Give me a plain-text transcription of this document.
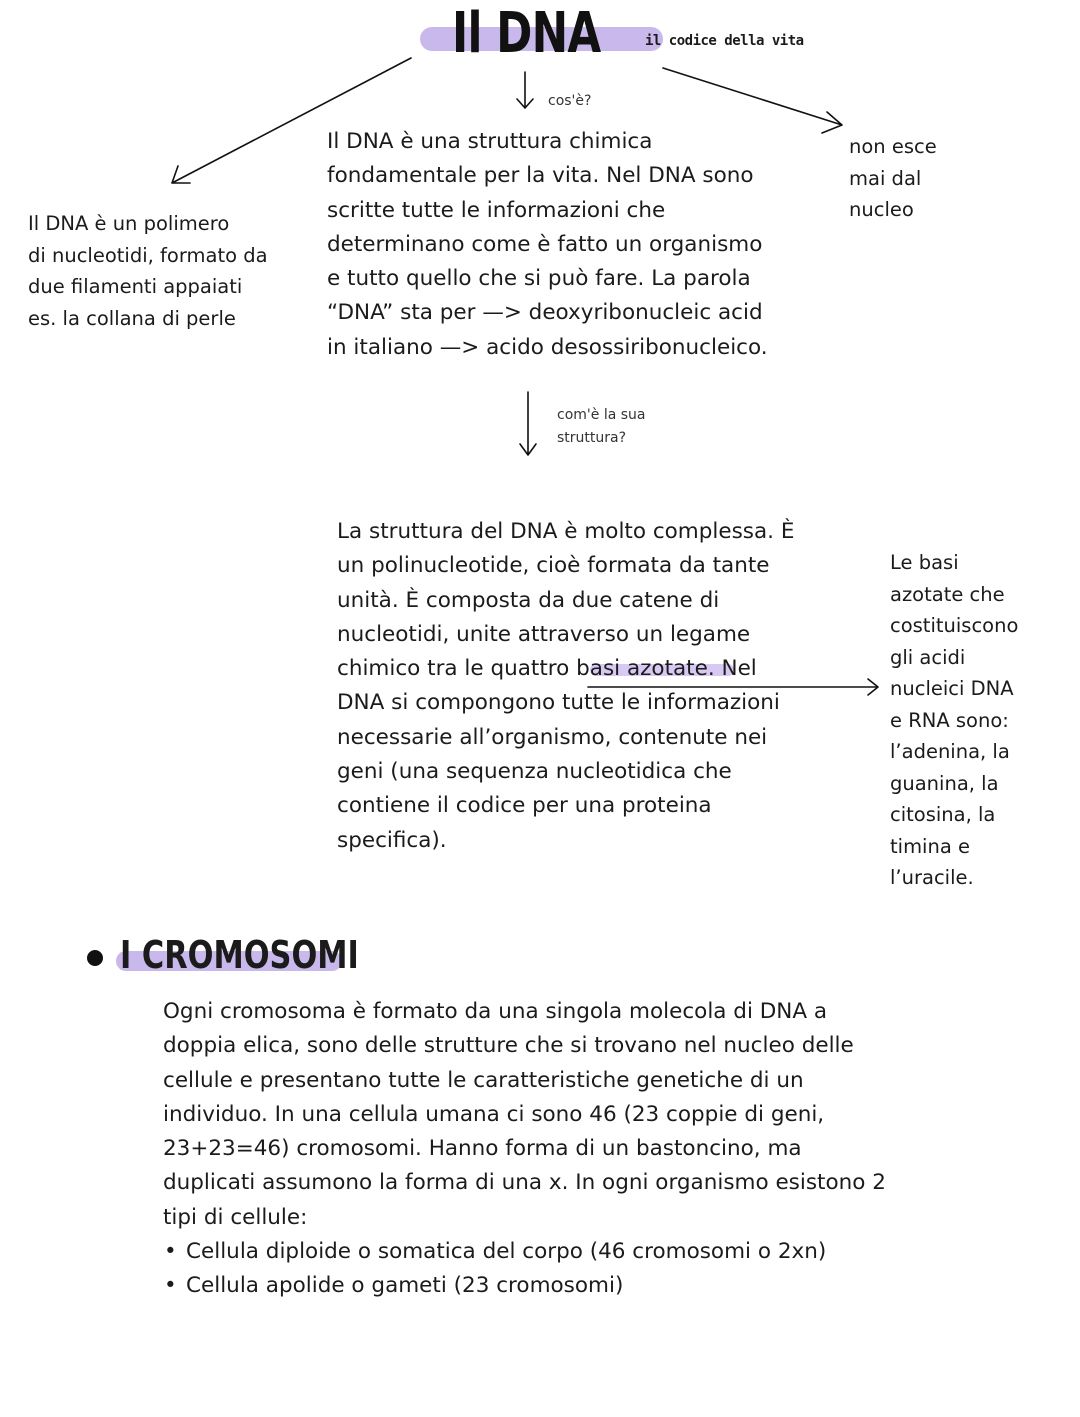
Il DNA	il codice della vita
cos'è?
com'è la sua
struttura?
Il DNA è un polimero
di nucleotidi, formato da
due filamenti appaiati
es. la collana di perle
non esce
mai dal
nucleo
Il DNA è una struttura chimica
fondamentale per la vita. Nel DNA sono
scritte tutte le informazioni che
determinano come è fatto un organismo
e tutto quello che si può fare. La parola
“DNA” sta per —> deoxyribonucleic acid
in italiano —> acido desossiribonucleico.
La struttura del DNA è molto complessa. È
un polinucleotide, cioè formata da tante
unità. È composta da due catene di
nucleotidi, unite attraverso un legame
chimico tra le quattro basi azotate. Nel
DNA si compongono tutte le informazioni
necessarie all’organismo, contenute nei
geni (una sequenza nucleotidica che
contiene il codice per una proteina
specifica).
Le basi
azotate che
costituiscono
gli acidi
nucleici DNA
e RNA sono:
l’adenina, la
guanina, la
citosina, la
timina e
l’uracile.
I CROMOSOMI
Ogni cromosoma è formato da una singola molecola di DNA a
doppia elica, sono delle strutture che si trovano nel nucleo delle
cellule e presentano tutte le caratteristiche genetiche di un
individuo. In una cellula umana ci sono 46 (23 coppie di geni,
23+23=46) cromosomi. Hanno forma di un bastoncino, ma
duplicati assumono la forma di una x. In ogni organismo esistono 2
tipi di cellule:
• Cellula diploide o somatica del corpo (46 cromosomi o 2xn)
• Cellula apolide o gameti (23 cromosomi)
